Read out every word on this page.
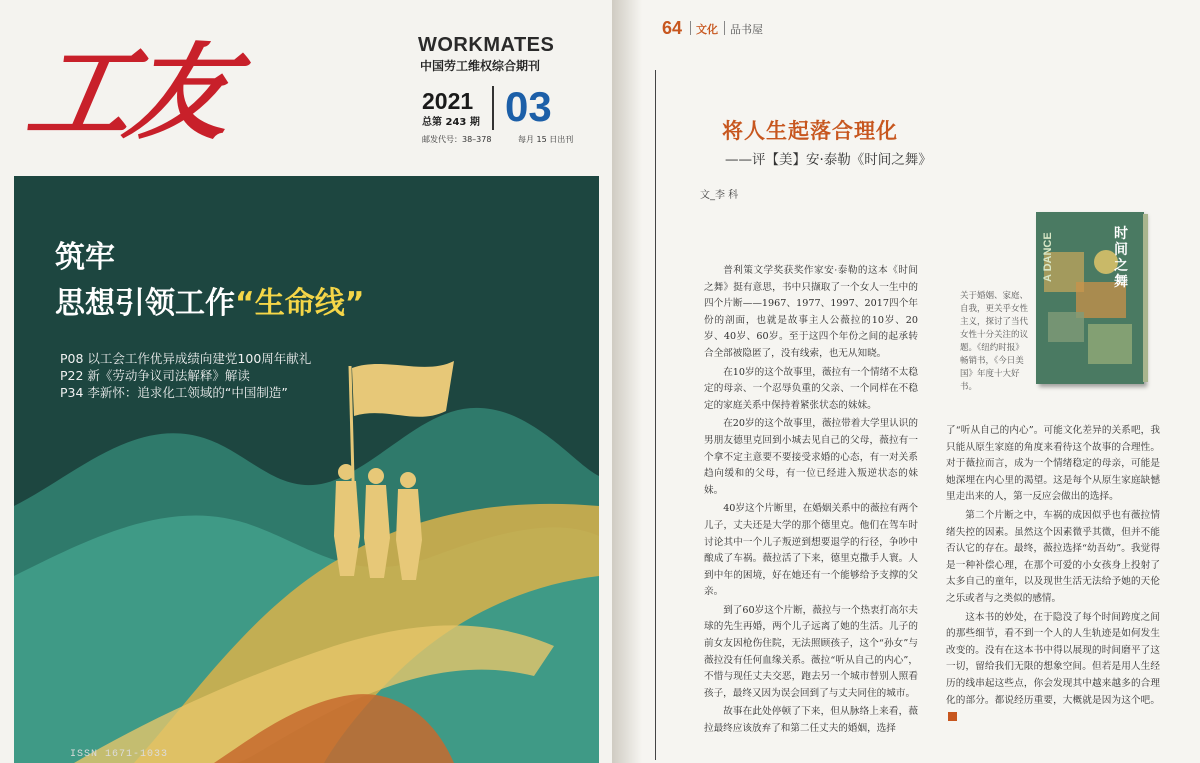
工友	WORKMATES
中国劳工维权综合期刊
2021
总第 243 期 03
邮发代号：38–378	每月 15 日出刊
筑牢
思想引领工作“生命线”
P08 以工会工作优异成绩向建党100周年献礼
P22 新《劳动争议司法解释》解读
P34 李新怀：追求化工领域的“中国制造”
ISSN 1671-1033
64 文化 品书屋
将人生起落合理化
——评【美】安·泰勒《时间之舞》
文_李 科
时间之舞
A DANCE
关于婚姻、家庭、自我，更关乎女性主义，探讨了当代女性十分关注的议题。《纽约时报》畅销书，《今日美国》年度十大好书。

普利策文学奖获奖作家安·泰勒的这本《时间之舞》挺有意思，书中只撷取了一个女人一生中的四个片断——1967、1977、1997、2017四个年份的剖面，也就是故事主人公薇拉的10岁、20岁、40岁、60岁。至于这四个年份之间的起承转合全部被隐匿了，没有线索，也无从知晓。

在10岁的这个故事里，薇拉有一个情绪不太稳定的母亲、一个忍辱负重的父亲、一个同样在不稳定的家庭关系中保持着紧张状态的妹妹。

在20岁的这个故事里，薇拉带着大学里认识的男朋友德里克回到小城去见自己的父母，薇拉有一个拿不定主意要不要接受求婚的心态，有一对关系趋向缓和的父母，有一位已经进入叛逆状态的妹妹。

40岁这个片断里，在婚姻关系中的薇拉有两个儿子，丈夫还是大学的那个德里克。他们在驾车时讨论其中一个儿子叛逆到想要退学的行径，争吵中酿成了车祸。薇拉活了下来，德里克撒手人寰。人到中年的困境，好在她还有一个能够给予支撑的父亲。

到了60岁这个片断，薇拉与一个热衷打高尔夫球的先生再婚，两个儿子远离了她的生活。儿子的前女友因枪伤住院，无法照顾孩子，这个“孙女”与薇拉没有任何血缘关系。薇拉“听从自己的内心”，不惜与现任丈夫交恶，跑去另一个城市替别人照看孩子，最终又因为误会回到了与丈夫同住的城市。

故事在此处停顿了下来，但从脉络上来看，薇拉最终应该放弃了和第二任丈夫的婚姻，选择

了“听从自己的内心”。可能文化差异的关系吧，我只能从原生家庭的角度来看待这个故事的合理性。对于薇拉而言，成为一个情绪稳定的母亲，可能是她深埋在内心里的渴望。这是每个从原生家庭缺憾里走出来的人，第一反应会做出的选择。

第二个片断之中，车祸的成因似乎也有薇拉情绪失控的因素。虽然这个因素微乎其微，但并不能否认它的存在。最终，薇拉选择“幼吾幼”。我觉得是一种补偿心理，在那个可爱的小女孩身上投射了太多自己的童年，以及现世生活无法给予她的天伦之乐或者与之类似的感情。

这本书的妙处，在于隐没了每个时间跨度之间的那些细节，看不到一个人的人生轨迹是如何发生改变的。没有在这本书中得以展现的时间磨平了这一切，留给我们无限的想象空间。但若是用人生经历的线串起这些点，你会发现其中越来越多的合理化的部分。都说经历重要，大概就是因为这个吧。
